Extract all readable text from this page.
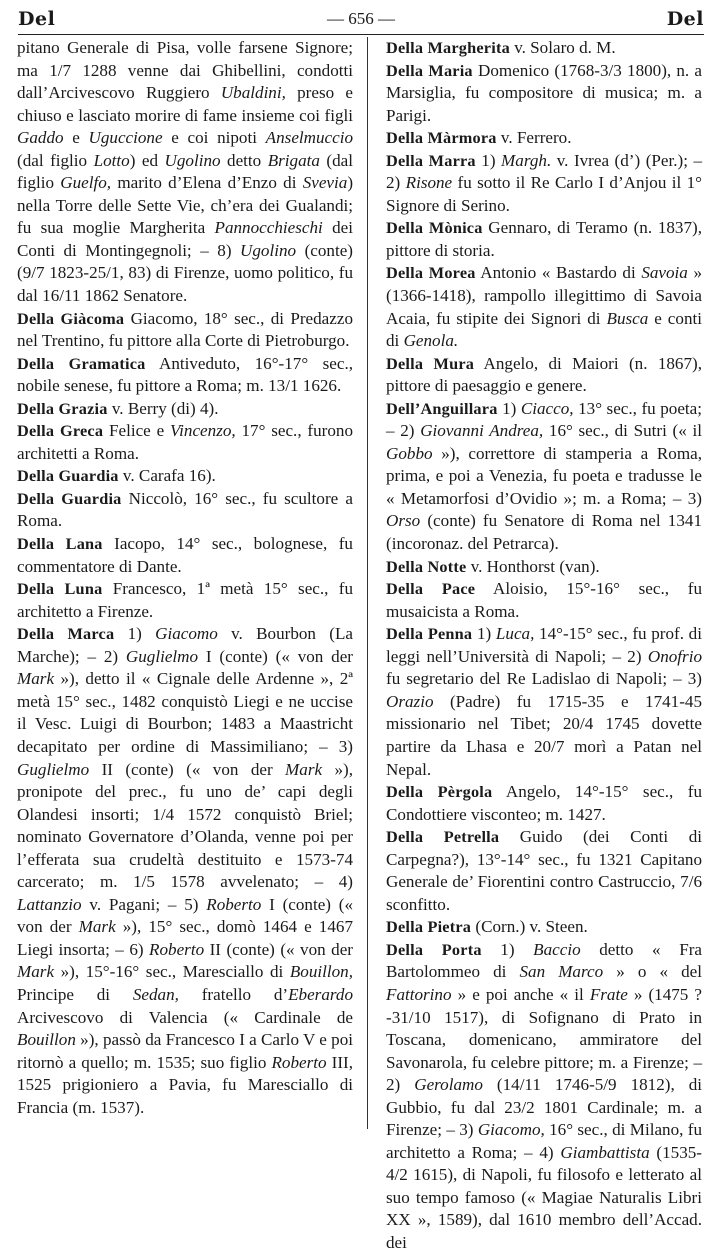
Del	— 656 —	Del

pitano Generale di Pisa, volle farsene Signore; ma 1/7 1288 venne dai Ghibellini, condotti dall’Arcivescovo Ruggiero Ubaldini, preso e chiuso e lasciato morire di fame insieme coi figli Gaddo e Uguccione e coi nipoti Anselmuccio (dal figlio Lotto) ed Ugolino detto Brigata (dal figlio Guelfo, marito d’Elena d’Enzo di Svevia) nella Torre delle Sette Vie, ch’era dei Gualandi; fu sua moglie Margherita Pannocchieschi dei Conti di Montingegnoli; – 8) Ugolino (conte) (9/7 1823-25/1, 83) di Firenze, uomo politico, fu dal 16/11 1862 Senatore.

Della Giàcoma Giacomo, 18° sec., di Predazzo nel Trentino, fu pittore alla Corte di Pietroburgo.

Della Gramatica Antiveduto, 16°-17° sec., nobile senese, fu pittore a Roma; m. 13/1 1626.

Della Grazia v. Berry (di) 4).

Della Greca Felice e Vincenzo, 17° sec., furono architetti a Roma.

Della Guardia v. Carafa 16).

Della Guardia Niccolò, 16° sec., fu scultore a Roma.

Della Lana Iacopo, 14° sec., bolognese, fu commentatore di Dante.

Della Luna Francesco, 1ª metà 15° sec., fu architetto a Firenze.

Della Marca 1) Giacomo v. Bourbon (La Marche); – 2) Guglielmo I (conte) (« von der Mark »), detto il « Cignale delle Ardenne », 2ª metà 15° sec., 1482 conquistò Liegi e ne uccise il Vesc. Luigi di Bourbon; 1483 a Maastricht decapitato per ordine di Massimiliano; – 3) Guglielmo II (conte) (« von der Mark »), pronipote del prec., fu uno de’ capi degli Olandesi insorti; 1/4 1572 conquistò Briel; nominato Governatore d’Olanda, venne poi per l’efferata sua crudeltà destituito e 1573-74 carcerato; m. 1/5 1578 avvelenato; – 4) Lattanzio v. Pagani; – 5) Roberto I (conte) (« von der Mark »), 15° sec., domò 1464 e 1467 Liegi insorta; – 6) Roberto II (conte) (« von der Mark »), 15°-16° sec., Maresciallo di Bouillon, Principe di Sedan, fratello d’Eberardo Arcivescovo di Valencia (« Cardinale de Bouillon »), passò da Francesco I a Carlo V e poi ritornò a quello; m. 1535; suo figlio Roberto III, 1525 prigioniero a Pavia, fu Maresciallo di Francia (m. 1537).

Della Margherita v. Solaro d. M.

Della Maria Domenico (1768-3/3 1800), n. a Marsiglia, fu compositore di musica; m. a Parigi.

Della Màrmora v. Ferrero.

Della Marra 1) Margh. v. Ivrea (d’) (Per.); – 2) Risone fu sotto il Re Carlo I d’Anjou il 1° Signore di Serino.

Della Mònica Gennaro, di Teramo (n. 1837), pittore di storia.

Della Morea Antonio « Bastardo di Savoia » (1366-1418), rampollo illegittimo di Savoia Acaia, fu stipite dei Signori di Busca e conti di Genola.

Della Mura Angelo, di Maiori (n. 1867), pittore di paesaggio e genere.

Dell’Anguillara 1) Ciacco, 13° sec., fu poeta; – 2) Giovanni Andrea, 16° sec., di Sutri (« il Gobbo »), correttore di stamperia a Roma, prima, e poi a Venezia, fu poeta e tradusse le « Metamorfosi d’Ovidio »; m. a Roma; – 3) Orso (conte) fu Senatore di Roma nel 1341 (incoronaz. del Petrarca).

Della Notte v. Honthorst (van).

Della Pace Aloisio, 15°-16° sec., fu musaicista a Roma.

Della Penna 1) Luca, 14°-15° sec., fu prof. di leggi nell’Università di Napoli; – 2) Onofrio fu segretario del Re Ladislao di Napoli; – 3) Orazio (Padre) fu 1715-35 e 1741-45 missionario nel Tibet; 20/4 1745 dovette partire da Lhasa e 20/7 morì a Patan nel Nepal.

Della Pèrgola Angelo, 14°-15° sec., fu Condottiere visconteo; m. 1427.

Della Petrella Guido (dei Conti di Carpegna?), 13°-14° sec., fu 1321 Capitano Generale de’ Fiorentini contro Castruccio, 7/6 sconfitto.

Della Pietra (Corn.) v. Steen.

Della Porta 1) Baccio detto « Fra Bartolommeo di San Marco » o « del Fattorino » e poi anche « il Frate » (1475 ?-31/10 1517), di Sofignano di Prato in Toscana, domenicano, ammiratore del Savonarola, fu celebre pittore; m. a Firenze; – 2) Gerolamo (14/11 1746-5/9 1812), di Gubbio, fu dal 23/2 1801 Cardinale; m. a Firenze; – 3) Giacomo, 16° sec., di Milano, fu architetto a Roma; – 4) Giambattista (1535-4/2 1615), di Napoli, fu filosofo e letterato al suo tempo famoso (« Magiae Naturalis Libri XX », 1589), dal 1610 membro dell’Accad. dei
